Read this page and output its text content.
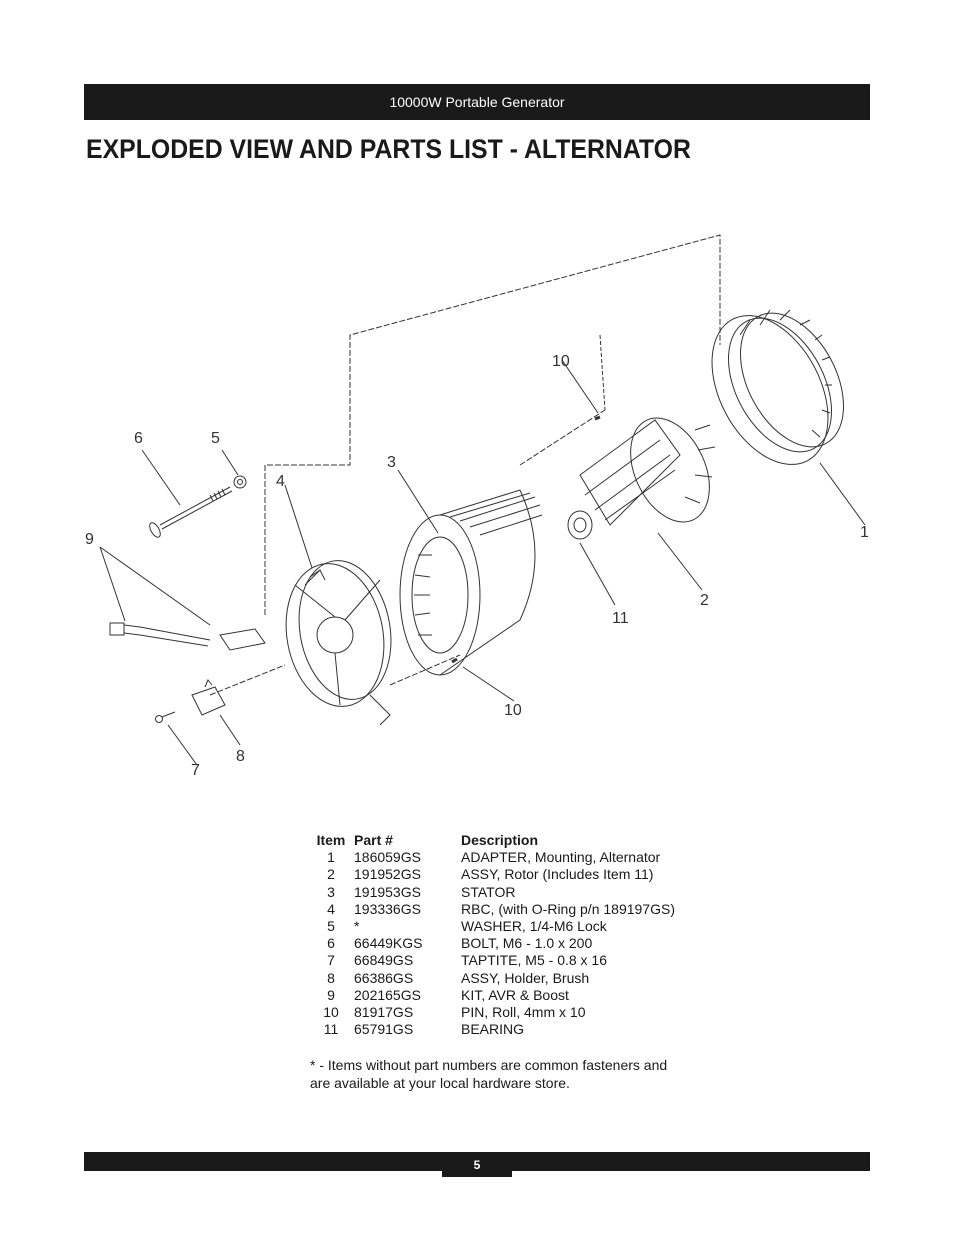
10000W Portable Generator
EXPLODED VIEW AND PARTS LIST - ALTERNATOR
1
2
3
4
5
6
7
8
9
10
10
11
Item Part #	Description
1	186059GS	ADAPTER, Mounting, Alternator
2	191952GS	ASSY, Rotor (Includes Item 11)
3	191953GS	STATOR
4	193336GS	RBC, (with O-Ring p/n 189197GS)
5	*	WASHER, 1/4-M6 Lock
6	66449KGS	BOLT, M6 - 1.0 x 200
7	66849GS	TAPTITE, M5 - 0.8 x 16
8	66386GS	ASSY, Holder, Brush
9	202165GS	KIT, AVR & Boost
10	81917GS	PIN, Roll, 4mm x 10
11	65791GS	BEARING
* - Items without part numbers are common fasteners and are available at your local hardware store.
5
